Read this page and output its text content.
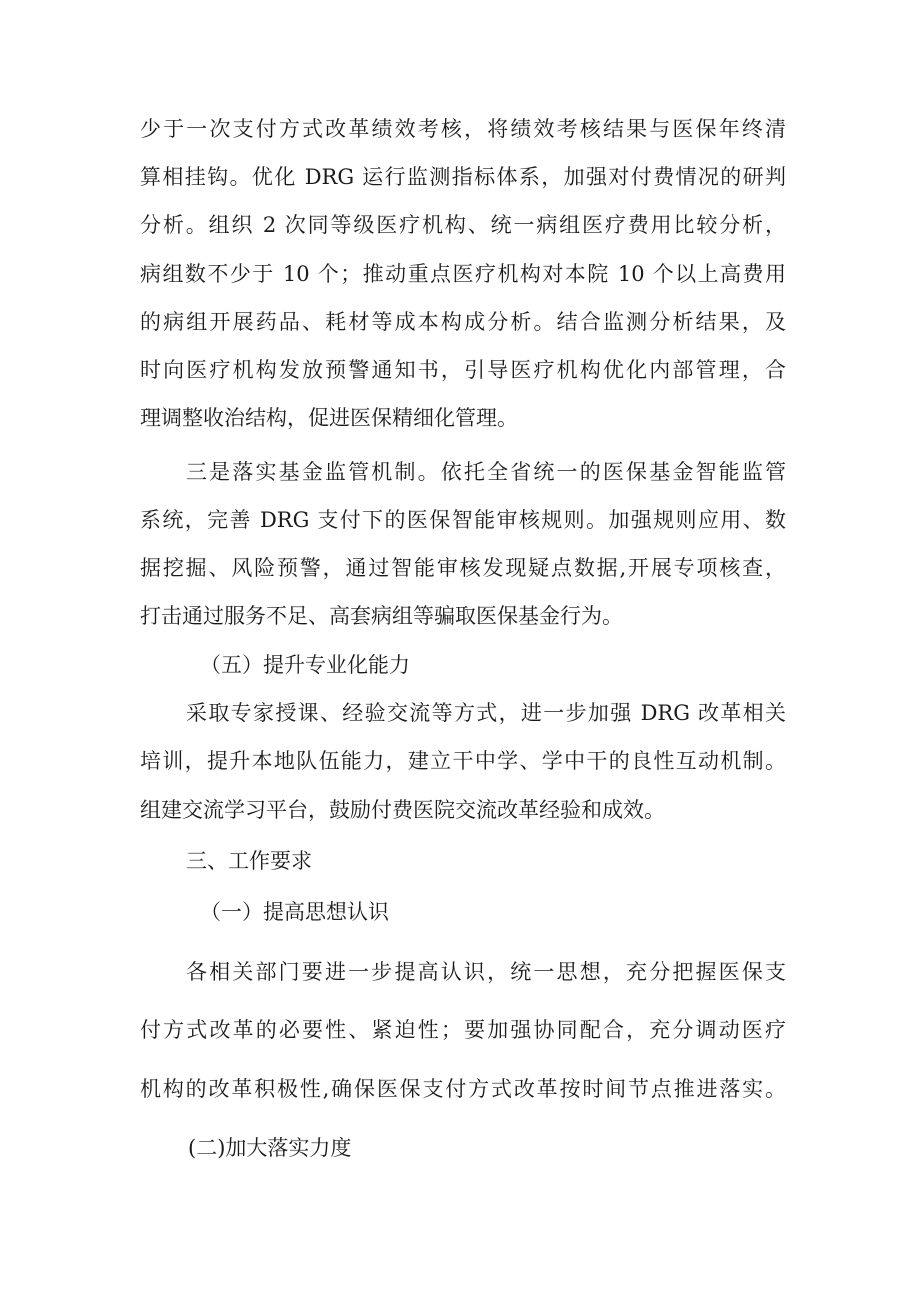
少于一次支付方式改革绩效考核，将绩效考核结果与医保年终清
算相挂钩。优化 DRG 运行监测指标体系，加强对付费情况的研判
分析。组织 2 次同等级医疗机构、统一病组医疗费用比较分析，
病组数不少于 10 个；推动重点医疗机构对本院 10 个以上高费用
的病组开展药品、耗材等成本构成分析。结合监测分析结果，及
时向医疗机构发放预警通知书，引导医疗机构优化内部管理，合
理调整收治结构，促进医保精细化管理。
三是落实基金监管机制。依托全省统一的医保基金智能监管
系统，完善 DRG 支付下的医保智能审核规则。加强规则应用、数
据挖掘、风险预警，通过智能审核发现疑点数据,开展专项核查，
打击通过服务不足、高套病组等骗取医保基金行为。
（五）提升专业化能力
采取专家授课、经验交流等方式，进一步加强 DRG 改革相关
培训，提升本地队伍能力，建立干中学、学中干的良性互动机制。
组建交流学习平台，鼓励付费医院交流改革经验和成效。
三、工作要求
（一）提高思想认识
各相关部门要进一步提高认识，统一思想，充分把握医保支
付方式改革的必要性、紧迫性；要加强协同配合，充分调动医疗
机构的改革积极性,确保医保支付方式改革按时间节点推进落实。
(二)加大落实力度
